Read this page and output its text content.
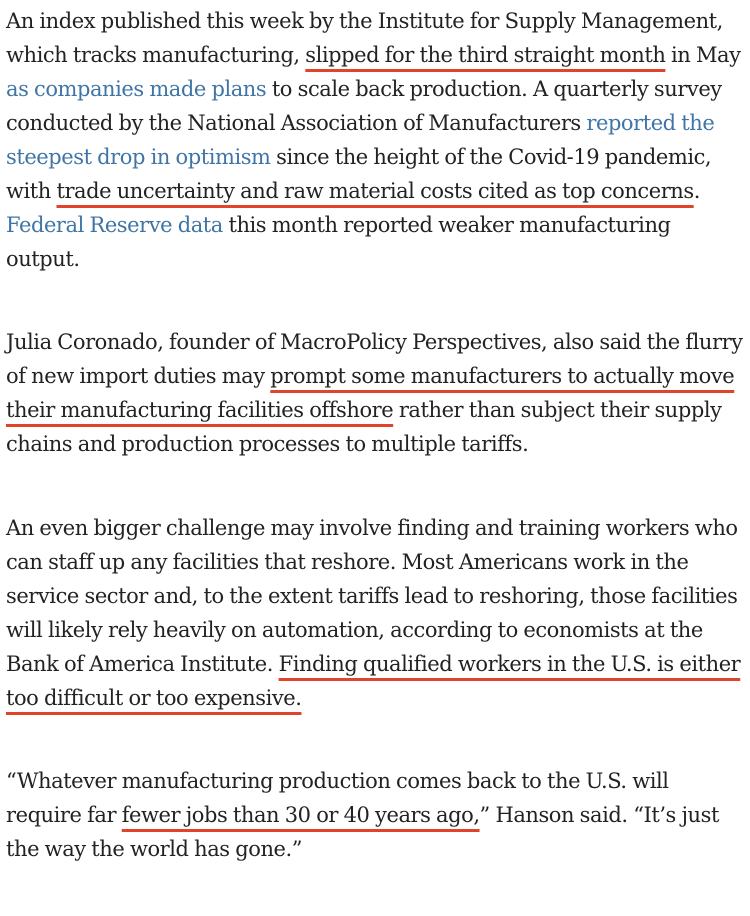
An index published this week by the Institute for Supply Management, which tracks manufacturing, slipped for the third straight month in May as companies made plans to scale back production. A quarterly survey conducted by the National Association of Manufacturers reported the steepest drop in optimism since the height of the Covid-19 pandemic, with trade uncertainty and raw material costs cited as top concerns. Federal Reserve data this month reported weaker manufacturing output.

Julia Coronado, founder of MacroPolicy Perspectives, also said the flurry of new import duties may prompt some manufacturers to actually move their manufacturing facilities offshore rather than subject their supply chains and production processes to multiple tariffs.

An even bigger challenge may involve finding and training workers who can staff up any facilities that reshore. Most Americans work in the service sector and, to the extent tariffs lead to reshoring, those facilities will likely rely heavily on automation, according to economists at the Bank of America Institute. Finding qualified workers in the U.S. is either too difficult or too expensive.

“Whatever manufacturing production comes back to the U.S. will require far fewer jobs than 30 or 40 years ago,” Hanson said. “It’s just the way the world has gone.”
